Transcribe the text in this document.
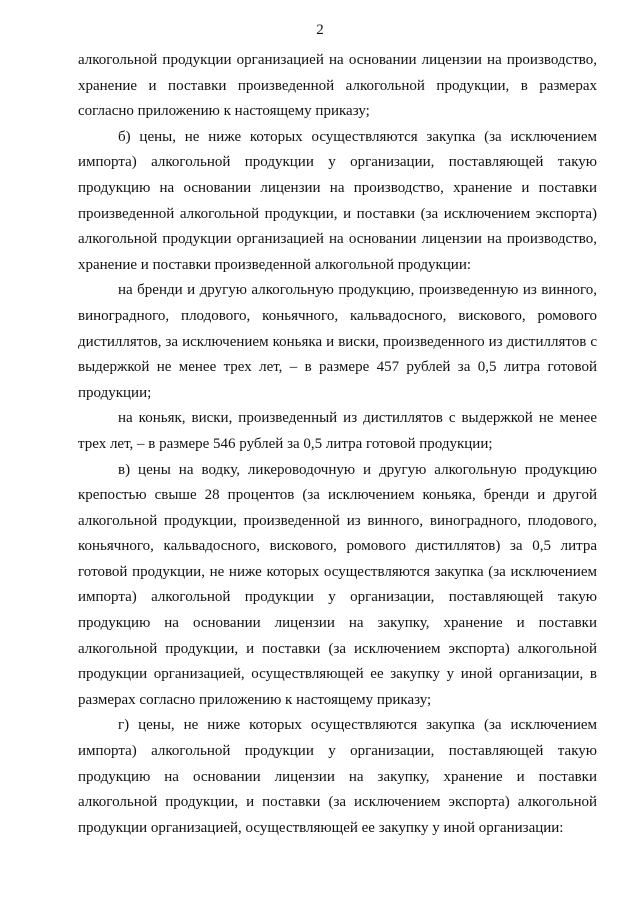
2

алкогольной продукции организацией на основании лицензии на производство, хранение и поставки произведенной алкогольной продукции, в размерах согласно приложению к настоящему приказу;

б) цены, не ниже которых осуществляются закупка (за исключением импорта) алкогольной продукции у организации, поставляющей такую продукцию на основании лицензии на производство, хранение и поставки произведенной алкогольной продукции, и поставки (за исключением экспорта) алкогольной продукции организацией на основании лицензии на производство, хранение и поставки произведенной алкогольной продукции:

на бренди и другую алкогольную продукцию, произведенную из винного, виноградного, плодового, коньячного, кальвадосного, вискового, ромового дистиллятов, за исключением коньяка и виски, произведенного из дистиллятов с выдержкой не менее трех лет, – в размере 457 рублей за 0,5 литра готовой продукции;

на коньяк, виски, произведенный из дистиллятов с выдержкой не менее трех лет, – в размере 546 рублей за 0,5 литра готовой продукции;

в) цены на водку, ликероводочную и другую алкогольную продукцию крепостью свыше 28 процентов (за исключением коньяка, бренди и другой алкогольной продукции, произведенной из винного, виноградного, плодового, коньячного, кальвадосного, вискового, ромового дистиллятов) за 0,5 литра готовой продукции, не ниже которых осуществляются закупка (за исключением импорта) алкогольной продукции у организации, поставляющей такую продукцию на основании лицензии на закупку, хранение и поставки алкогольной продукции, и поставки (за исключением экспорта) алкогольной продукции организацией, осуществляющей ее закупку у иной организации, в размерах согласно приложению к настоящему приказу;

г) цены, не ниже которых осуществляются закупка (за исключением импорта) алкогольной продукции у организации, поставляющей такую продукцию на основании лицензии на закупку, хранение и поставки алкогольной продукции, и поставки (за исключением экспорта) алкогольной продукции организацией, осуществляющей ее закупку у иной организации:
